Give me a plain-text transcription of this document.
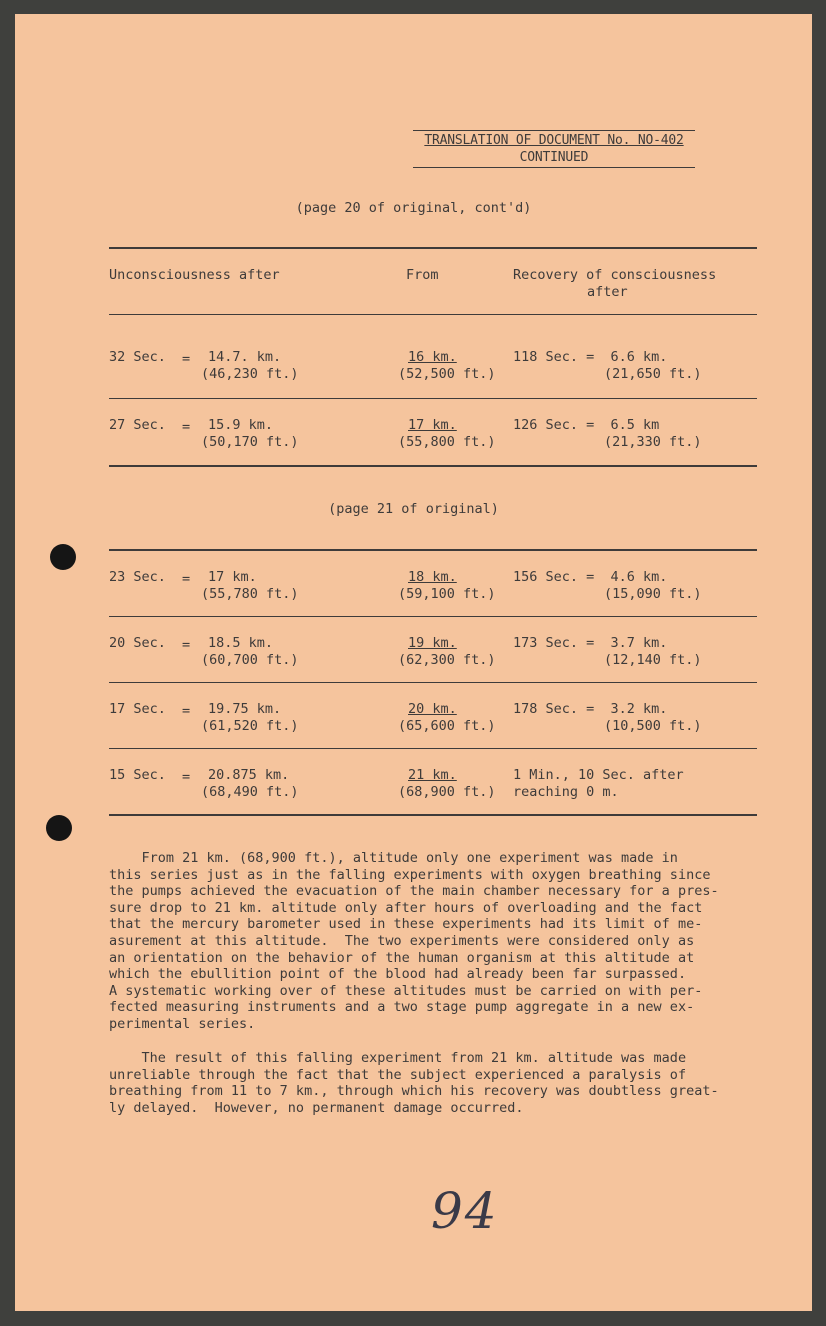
TRANSLATION OF DOCUMENT No. NO-402
CONTINUED
(page 20 of original, cont'd)
Unconsciousness after	From	Recovery of consciousness
after
32 Sec. = 14.7. km.
(46,230 ft.)
16 km.
(52,500 ft.)
118 Sec. =  6.6 km.
(21,650 ft.)
27 Sec. = 15.9 km.
(50,170 ft.)
17 km.
(55,800 ft.)
126 Sec. =  6.5 km
(21,330 ft.)
(page 21 of original)
23 Sec. = 17 km.
(55,780 ft.)
18 km.
(59,100 ft.)
156 Sec. =  4.6 km.
(15,090 ft.)
20 Sec. = 18.5 km.
(60,700 ft.)
19 km.
(62,300 ft.)
173 Sec. =  3.7 km.
(12,140 ft.)
17 Sec. = 19.75 km.
(61,520 ft.)
20 km.
(65,600 ft.)
178 Sec. =  3.2 km.
(10,500 ft.)
15 Sec. = 20.875 km.
(68,490 ft.)
21 km.
(68,900 ft.)
1 Min., 10 Sec. after
reaching 0 m.
From 21 km. (68,900 ft.), altitude only one experiment was made in
this series just as in the falling experiments with oxygen breathing since
the pumps achieved the evacuation of the main chamber necessary for a pres-
sure drop to 21 km. altitude only after hours of overloading and the fact
that the mercury barometer used in these experiments had its limit of me-
asurement at this altitude.  The two experiments were considered only as
an orientation on the behavior of the human organism at this altitude at
which the ebullition point of the blood had already been far surpassed.
A systematic working over of these altitudes must be carried on with per-
fected measuring instruments and a two stage pump aggregate in a new ex-
perimental series.
The result of this falling experiment from 21 km. altitude was made
unreliable through the fact that the subject experienced a paralysis of
breathing from 11 to 7 km., through which his recovery was doubtless great-
ly delayed.  However, no permanent damage occurred.
94
